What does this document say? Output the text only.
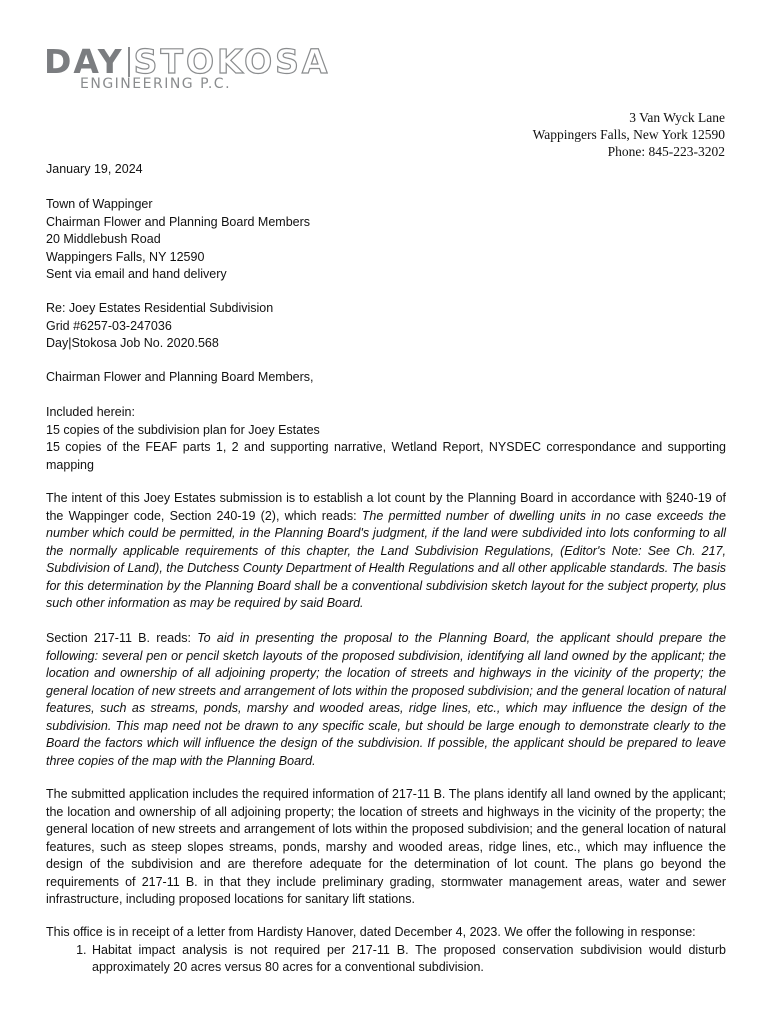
DAY STOKOSA
ENGINEERING P.C.
3 Van Wyck Lane
Wappingers Falls, New York 12590
Phone: 845-223-3202

January 19, 2024

Town of Wappinger

Chairman Flower and Planning Board Members

20 Middlebush Road

Wappingers Falls, NY 12590

Sent via email and hand delivery

Re: Joey Estates Residential Subdivision

Grid #6257-03-247036

Day|Stokosa Job No. 2020.568

Chairman Flower and Planning Board Members,

Included herein:

15 copies of the subdivision plan for Joey Estates

15 copies of the FEAF parts 1, 2 and supporting narrative, Wetland Report, NYSDEC correspondance and supporting mapping

The intent of this Joey Estates submission is to establish a lot count by the Planning Board in accordance with §240-19 of the Wappinger code, Section 240-19 (2), which reads: The permitted number of dwelling units in no case exceeds the number which could be permitted, in the Planning Board's judgment, if the land were subdivided into lots conforming to all the normally applicable requirements of this chapter, the Land Subdivision Regulations, (Editor's Note: See Ch. 217, Subdivision of Land), the Dutchess County Department of Health Regulations and all other applicable standards. The basis for this determination by the Planning Board shall be a conventional subdivision sketch layout for the subject property, plus such other information as may be required by said Board.

Section 217-11 B. reads: To aid in presenting the proposal to the Planning Board, the applicant should prepare the following: several pen or pencil sketch layouts of the proposed subdivision, identifying all land owned by the applicant; the location and ownership of all adjoining property; the location of streets and highways in the vicinity of the property; the general location of new streets and arrangement of lots within the proposed subdivision; and the general location of natural features, such as streams, ponds, marshy and wooded areas, ridge lines, etc., which may influence the design of the subdivision. This map need not be drawn to any specific scale, but should be large enough to demonstrate clearly to the Board the factors which will influence the design of the subdivision. If possible, the applicant should be prepared to leave three copies of the map with the Planning Board.

The submitted application includes the required information of 217-11 B. The plans identify all land owned by the applicant; the location and ownership of all adjoining property; the location of streets and highways in the vicinity of the property; the general location of new streets and arrangement of lots within the proposed subdivision; and the general location of natural features, such as steep slopes streams, ponds, marshy and wooded areas, ridge lines, etc., which may influence the design of the subdivision and are therefore adequate for the determination of lot count. The plans go beyond the requirements of 217-11 B. in that they include preliminary grading, stormwater management areas, water and sewer infrastructure, including proposed locations for sanitary lift stations.

This office is in receipt of a letter from Hardisty Hanover, dated December 4, 2023. We offer the following in response:

1. Habitat impact analysis is not required per 217-11 B. The proposed conservation subdivision would disturb approximately 20 acres versus 80 acres for a conventional subdivision.
